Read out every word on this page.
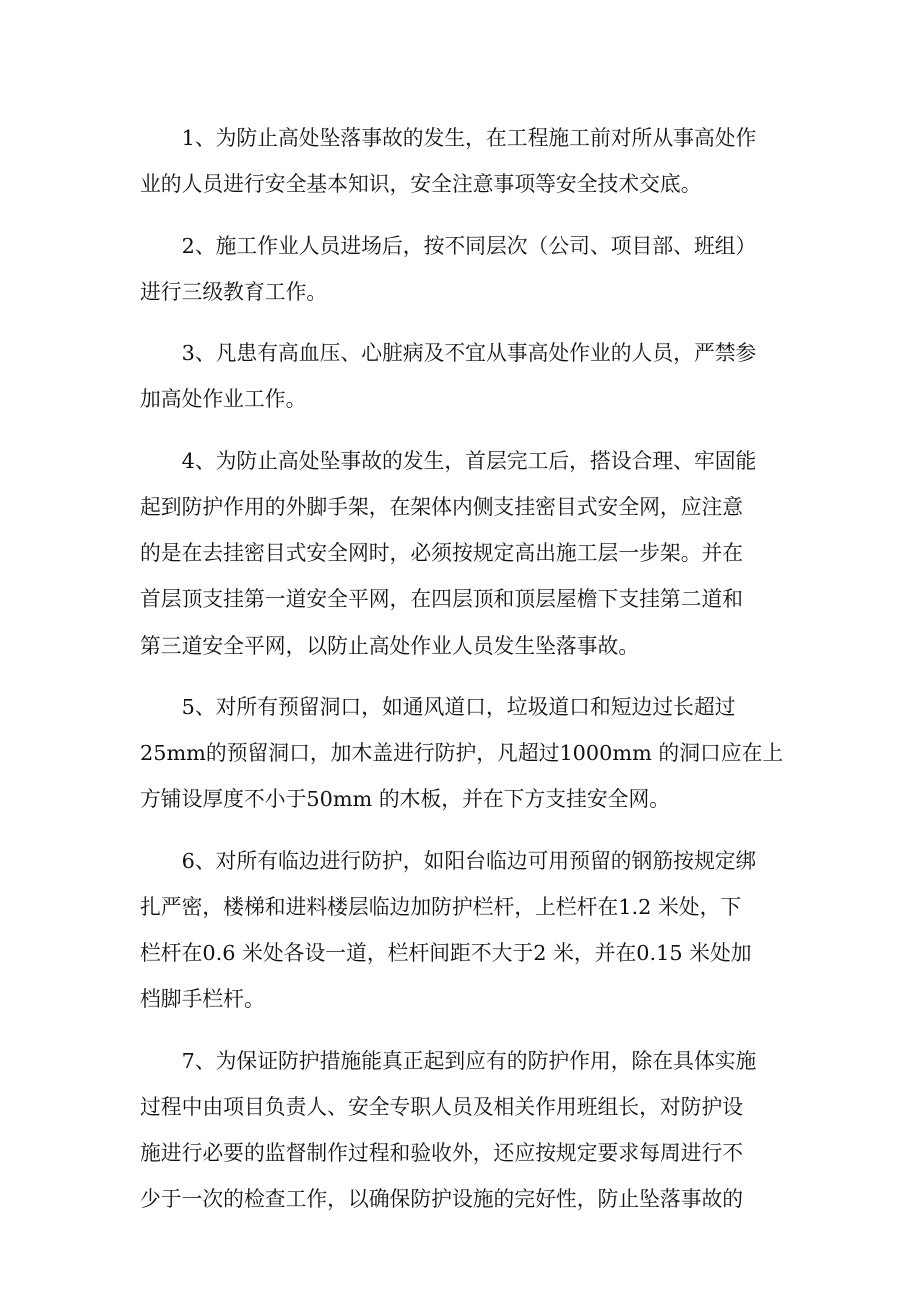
　　1、为防止高处坠落事故的发生，在工程施工前对所从事高处作
业的人员进行安全基本知识，安全注意事项等安全技术交底。

　　2、施工作业人员进场后，按不同层次（公司、项目部、班组）
进行三级教育工作。

　　3、凡患有高血压、心脏病及不宜从事高处作业的人员，严禁参
加高处作业工作。

　　4、为防止高处坠事故的发生，首层完工后，搭设合理、牢固能
起到防护作用的外脚手架，在架体内侧支挂密目式安全网，应注意
的是在去挂密目式安全网时，必须按规定高出施工层一步架。并在
首层顶支挂第一道安全平网，在四层顶和顶层屋檐下支挂第二道和
第三道安全平网，以防止高处作业人员发生坠落事故。

　　5、对所有预留洞口，如通风道口，垃圾道口和短边过长超过
25mm的预留洞口，加木盖进行防护，凡超过1000mm 的洞口应在上
方铺设厚度不小于50mm 的木板，并在下方支挂安全网。

　　6、对所有临边进行防护，如阳台临边可用预留的钢筋按规定绑
扎严密，楼梯和进料楼层临边加防护栏杆，上栏杆在1.2 米处，下
栏杆在0.6 米处各设一道，栏杆间距不大于2 米，并在0.15 米处加
档脚手栏杆。

　　7、为保证防护措施能真正起到应有的防护作用，除在具体实施
过程中由项目负责人、安全专职人员及相关作用班组长，对防护设
施进行必要的监督制作过程和验收外，还应按规定要求每周进行不
少于一次的检查工作，以确保防护设施的完好性，防止坠落事故的
